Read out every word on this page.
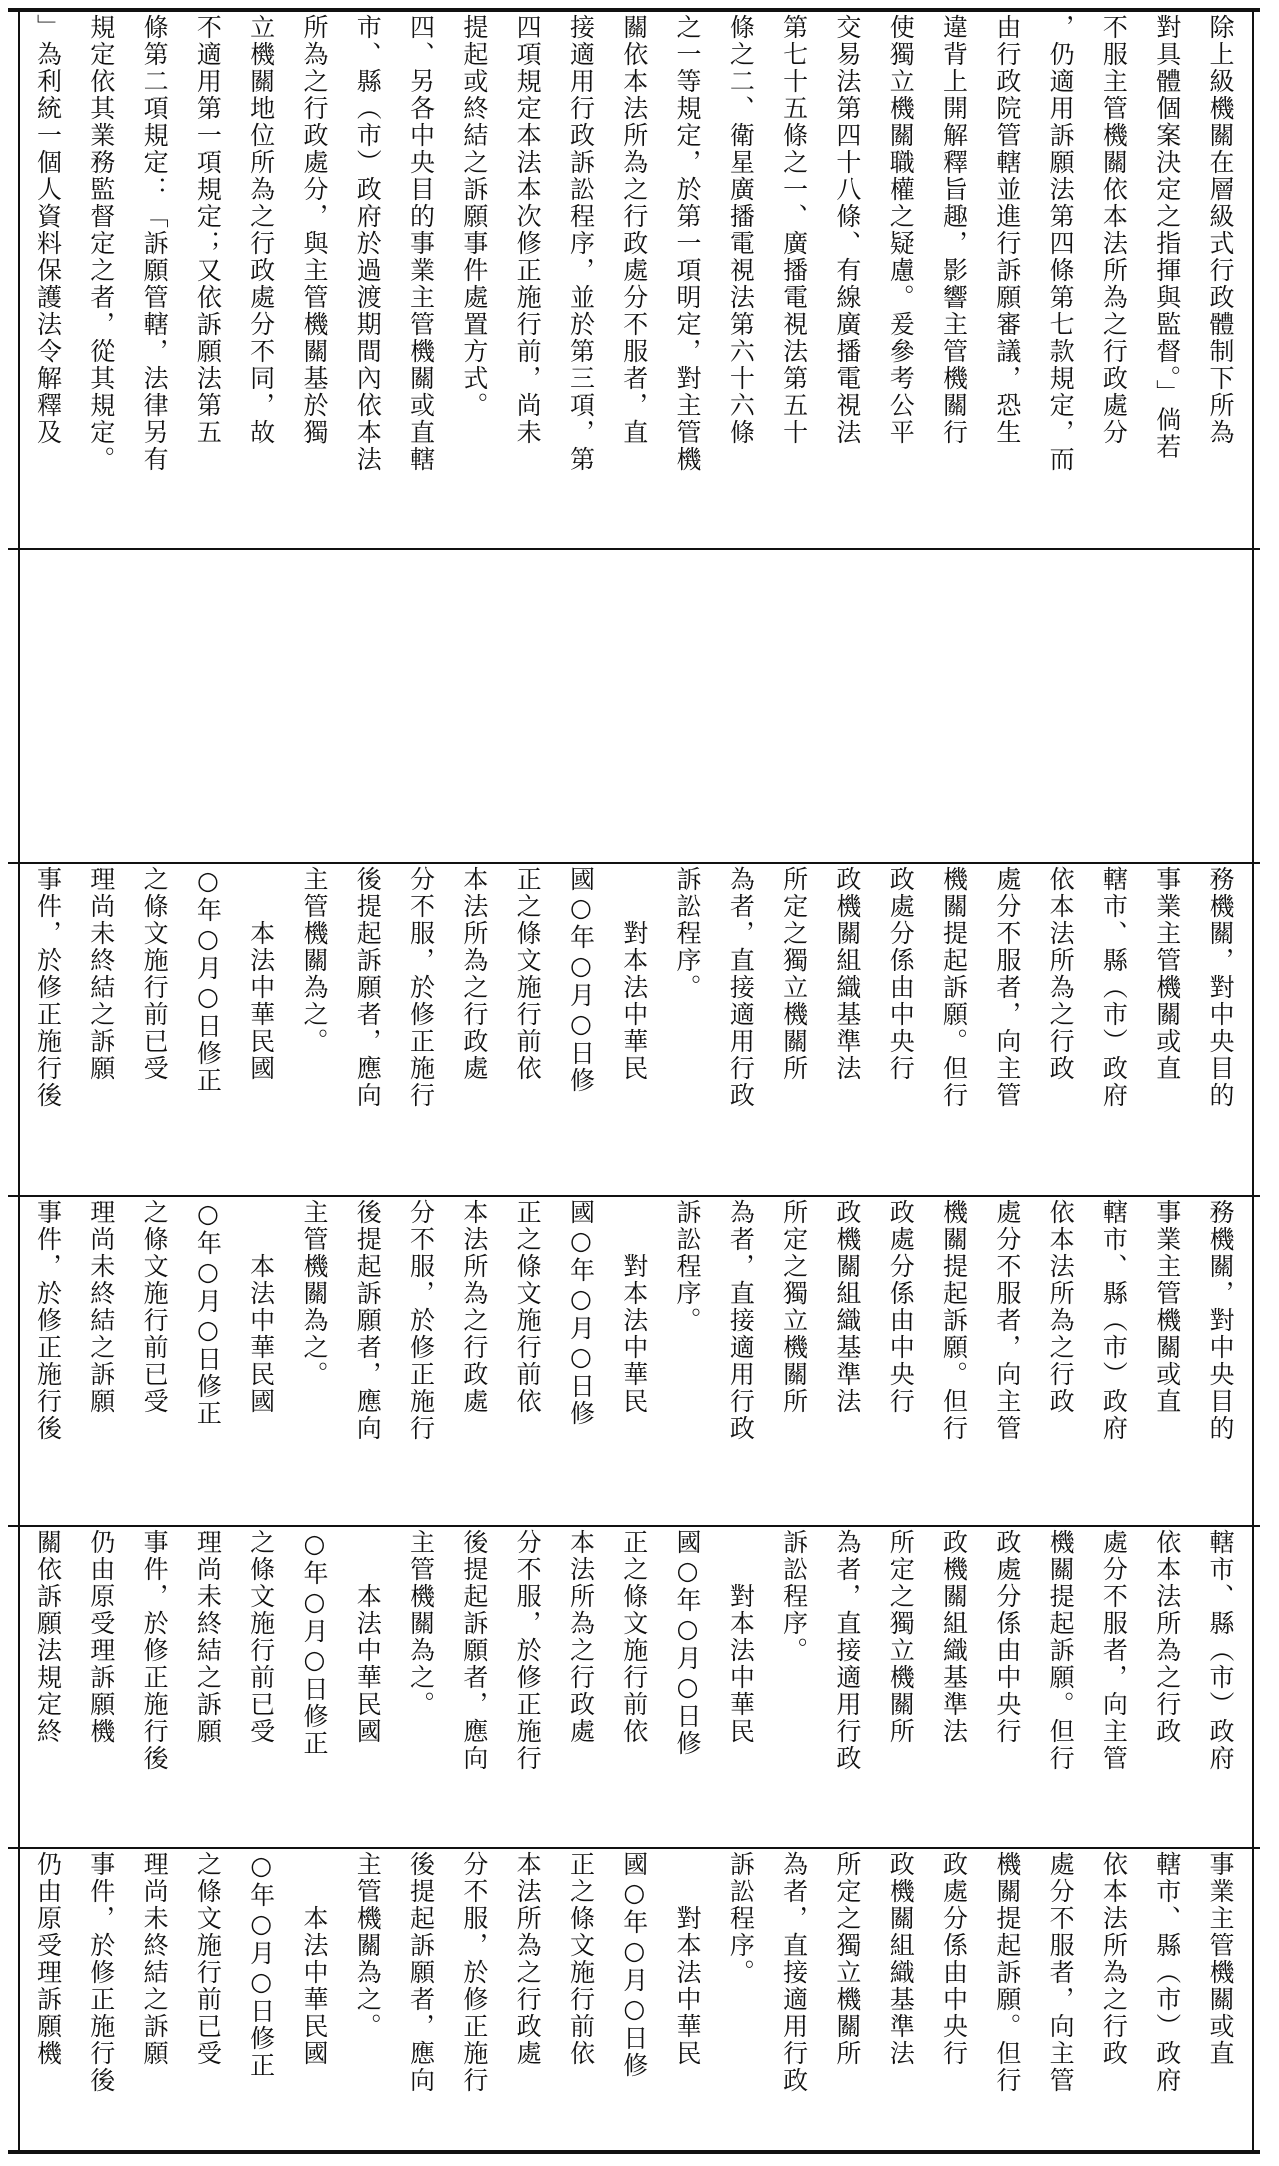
除上級機關在層級式行政體制下所為
對具體個案決定之指揮與監督。」倘若
不服主管機關依本法所為之行政處分
，仍適用訴願法第四條第七款規定，而
由行政院管轄並進行訴願審議，恐生
違背上開解釋旨趣，影響主管機關行
使獨立機關職權之疑慮。爰參考公平
交易法第四十八條、有線廣播電視法
第七十五條之一、廣播電視法第五十
條之二、衛星廣播電視法第六十六條
之一等規定，於第一項明定，對主管機
關依本法所為之行政處分不服者，直
接適用行政訴訟程序，並於第三項，第
四項規定本法本次修正施行前，尚未
提起或終結之訴願事件處置方式。
四、另各中央目的事業主管機關或直轄
市、縣（市）政府於過渡期間內依本法
所為之行政處分，與主管機關基於獨
立機關地位所為之行政處分不同，故
不適用第一項規定；又依訴願法第五
條第二項規定：「訴願管轄，法律另有
規定依其業務監督定之者，從其規定。
」為利統一個人資料保護法令解釋及
務機關，對中央目的
事業主管機關或直
轄市、縣（市）政府
依本法所為之行政
處分不服者，向主管
機關提起訴願。但行
政處分係由中央行
政機關組織基準法
所定之獨立機關所
為者，直接適用行政
訴訟程序。
　　對本法中華民
國○年○月○日修
正之條文施行前依
本法所為之行政處
分不服，於修正施行
後提起訴願者，應向
主管機關為之。
　　本法中華民國
○年○月○日修正
之條文施行前已受
理尚未終結之訴願
事件，於修正施行後
務機關，對中央目的
事業主管機關或直
轄市、縣（市）政府
依本法所為之行政
處分不服者，向主管
機關提起訴願。但行
政處分係由中央行
政機關組織基準法
所定之獨立機關所
為者，直接適用行政
訴訟程序。
　　對本法中華民
國○年○月○日修
正之條文施行前依
本法所為之行政處
分不服，於修正施行
後提起訴願者，應向
主管機關為之。
　　本法中華民國
○年○月○日修正
之條文施行前已受
理尚未終結之訴願
事件，於修正施行後
轄市、縣（市）政府
依本法所為之行政
處分不服者，向主管
機關提起訴願。但行
政處分係由中央行
政機關組織基準法
所定之獨立機關所
為者，直接適用行政
訴訟程序。
　　對本法中華民
國○年○月○日修
正之條文施行前依
本法所為之行政處
分不服，於修正施行
後提起訴願者，應向
主管機關為之。
　　本法中華民國
○年○月○日修正
之條文施行前已受
理尚未終結之訴願
事件，於修正施行後
仍由原受理訴願機
關依訴願法規定終
事業主管機關或直
轄市、縣（市）政府
依本法所為之行政
處分不服者，向主管
機關提起訴願。但行
政處分係由中央行
政機關組織基準法
所定之獨立機關所
為者，直接適用行政
訴訟程序。
　　對本法中華民
國○年○月○日修
正之條文施行前依
本法所為之行政處
分不服，於修正施行
後提起訴願者，應向
主管機關為之。
　　本法中華民國
○年○月○日修正
之條文施行前已受
理尚未終結之訴願
事件，於修正施行後
仍由原受理訴願機
